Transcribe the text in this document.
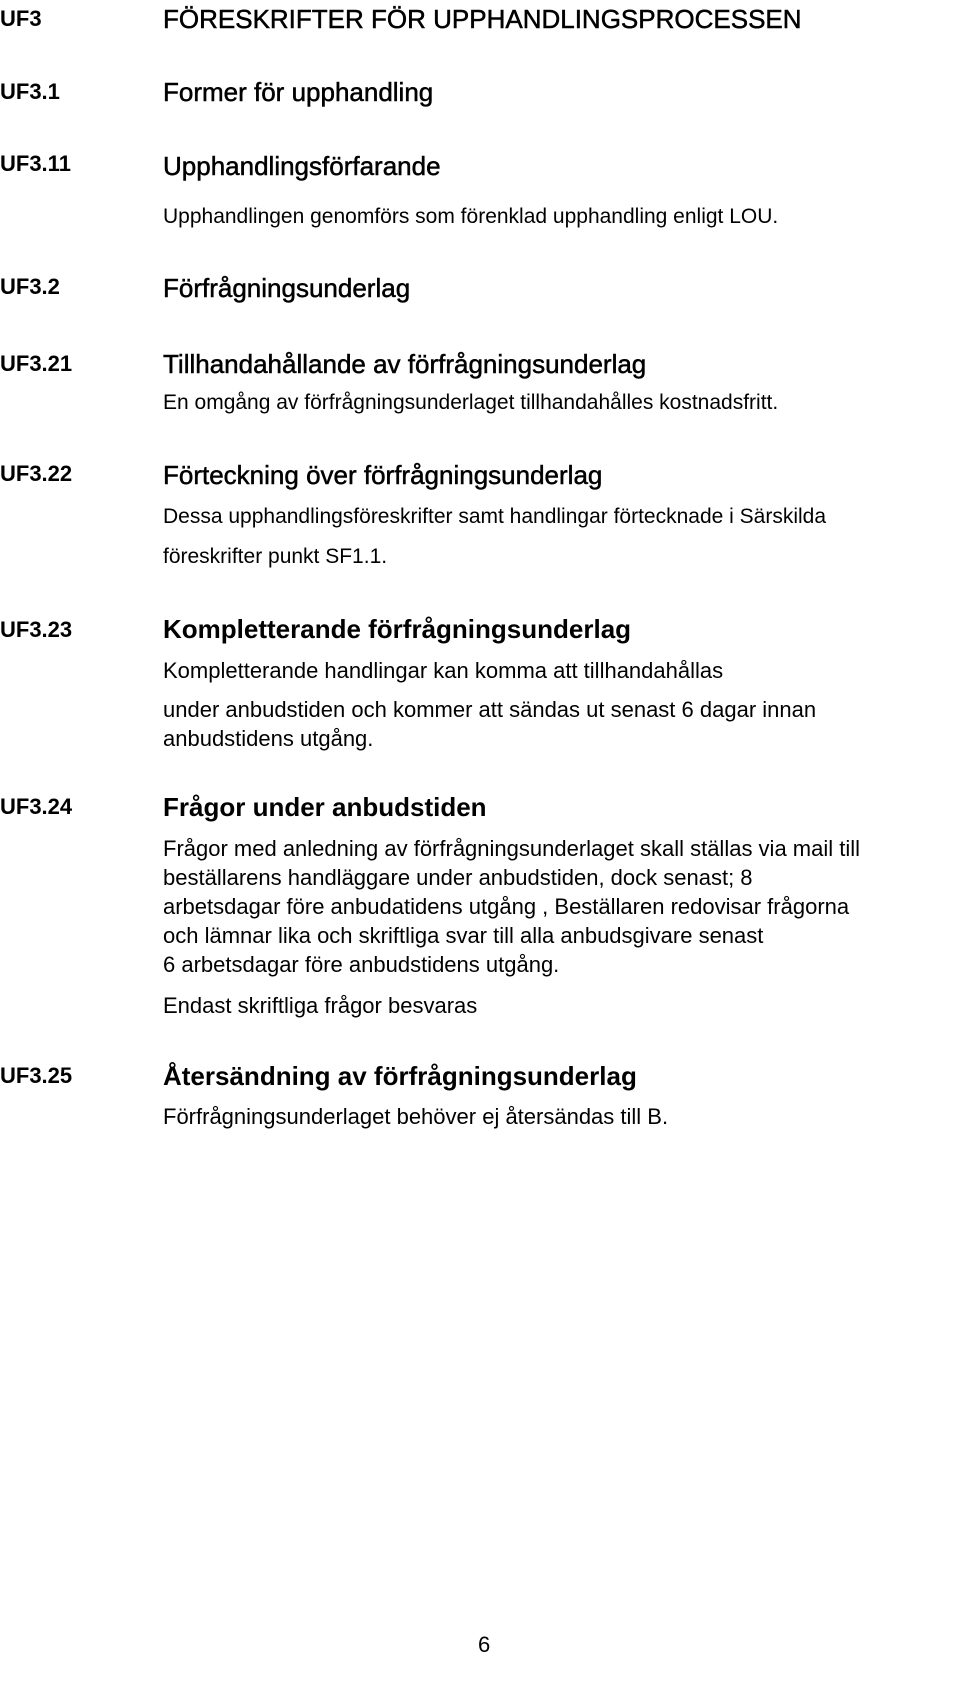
UF3	FÖRESKRIFTER FÖR UPPHANDLINGSPROCESSEN
UF3.1	Former för upphandling
UF3.11	Upphandlingsförfarande
Upphandlingen genomförs som förenklad upphandling enligt LOU.
UF3.2	Förfrågningsunderlag
UF3.21	Tillhandahållande av förfrågningsunderlag
En omgång av förfrågningsunderlaget tillhandahålles kostnadsfritt.
UF3.22	Förteckning över förfrågningsunderlag
Dessa upphandlingsföreskrifter samt handlingar förtecknade i Särskilda
föreskrifter punkt SF1.1.
UF3.23	Kompletterande förfrågningsunderlag
Kompletterande handlingar kan komma att tillhandahållas
under anbudstiden och kommer att sändas ut senast 6 dagar innan
anbudstidens utgång.
UF3.24	Frågor under anbudstiden
Frågor med anledning av förfrågningsunderlaget skall ställas via mail till
beställarens handläggare under anbudstiden, dock senast; 8
arbetsdagar före anbudatidens utgång , Beställaren redovisar frågorna
och lämnar lika och skriftliga svar till alla anbudsgivare senast
6 arbetsdagar före anbudstidens utgång.
Endast skriftliga frågor besvaras
UF3.25	Återsändning av förfrågningsunderlag
Förfrågningsunderlaget behöver ej återsändas till B.
6
